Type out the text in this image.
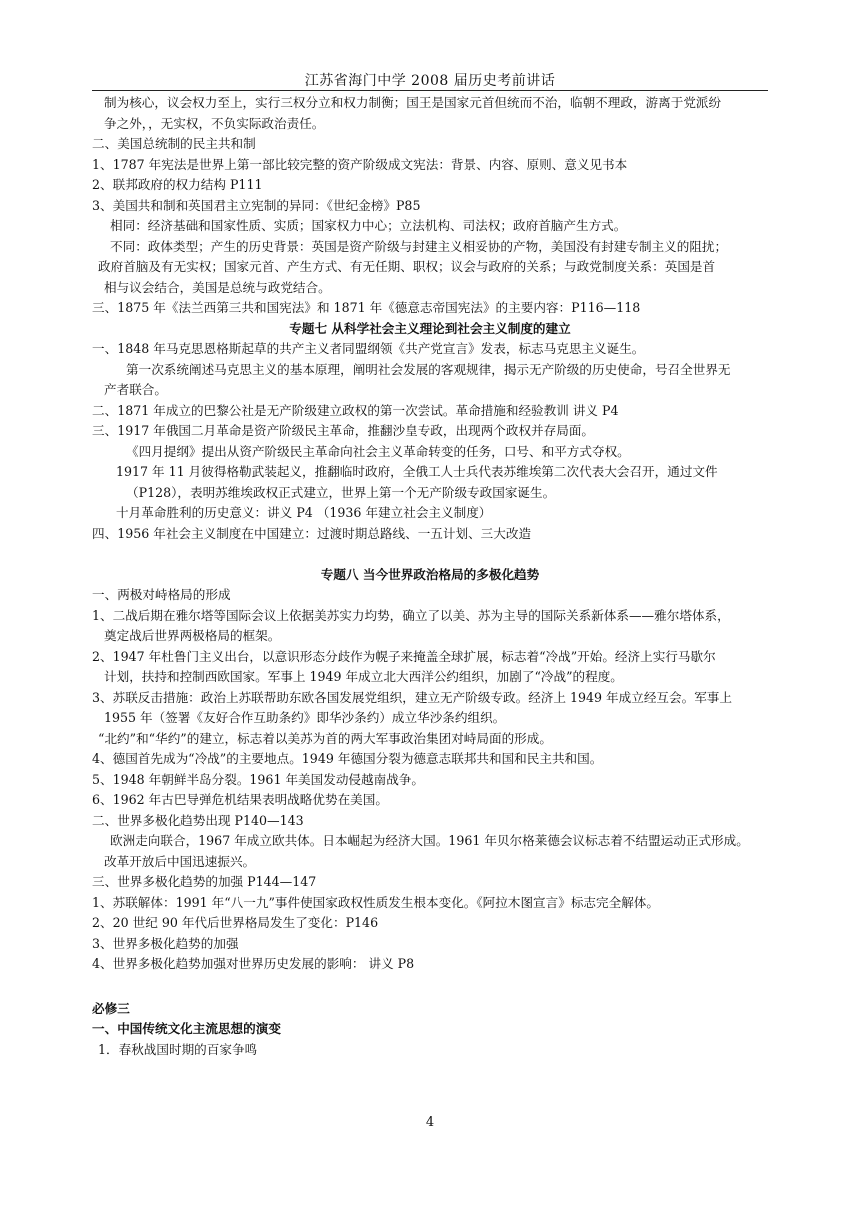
江苏省海门中学 2008 届历史考前讲话
制为核心，议会权力至上，实行三权分立和权力制衡；国王是国家元首但统而不治，临朝不理政，游离于党派纷
争之外，，无实权，不负实际政治责任。
二、美国总统制的民主共和制
1、1787 年宪法是世界上第一部比较完整的资产阶级成文宪法：背景、内容、原则、意义见书本
2、联邦政府的权力结构 P111
3、美国共和制和英国君主立宪制的异同：《世纪金榜》P85
相同：经济基础和国家性质、实质；国家权力中心；立法机构、司法权；政府首脑产生方式。
不同：政体类型；产生的历史背景：英国是资产阶级与封建主义相妥协的产物，美国没有封建专制主义的阻扰；
政府首脑及有无实权；国家元首、产生方式、有无任期、职权；议会与政府的关系；与政党制度关系：英国是首
相与议会结合，美国是总统与政党结合。
三、1875 年《法兰西第三共和国宪法》和 1871 年《德意志帝国宪法》的主要内容：P116—118
专题七 从科学社会主义理论到社会主义制度的建立
一、1848 年马克思恩格斯起草的共产主义者同盟纲领《共产党宣言》发表，标志马克思主义诞生。
第一次系统阐述马克思主义的基本原理，阐明社会发展的客观规律，揭示无产阶级的历史使命，号召全世界无
产者联合。
二、1871 年成立的巴黎公社是无产阶级建立政权的第一次尝试。革命措施和经验教训 讲义 P4
三、1917 年俄国二月革命是资产阶级民主革命，推翻沙皇专政，出现两个政权并存局面。
《四月提纲》提出从资产阶级民主革命向社会主义革命转变的任务，口号、和平方式夺权。
1917 年 11 月彼得格勒武装起义，推翻临时政府，全俄工人士兵代表苏维埃第二次代表大会召开，通过文件
（P128），表明苏维埃政权正式建立，世界上第一个无产阶级专政国家诞生。
十月革命胜利的历史意义：讲义 P4 （1936 年建立社会主义制度）
四、1956 年社会主义制度在中国建立：过渡时期总路线、一五计划、三大改造
专题八 当今世界政治格局的多极化趋势
一、两极对峙格局的形成
1、二战后期在雅尔塔等国际会议上依据美苏实力均势，确立了以美、苏为主导的国际关系新体系——雅尔塔体系，
奠定战后世界两极格局的框架。
2、1947 年杜鲁门主义出台，以意识形态分歧作为幌子来掩盖全球扩展，标志着“冷战”开始。经济上实行马歇尔
计划，扶持和控制西欧国家。军事上 1949 年成立北大西洋公约组织，加剧了“冷战”的程度。
3、苏联反击措施：政治上苏联帮助东欧各国发展党组织，建立无产阶级专政。经济上 1949 年成立经互会。军事上
1955 年（签署《友好合作互助条约》即华沙条约）成立华沙条约组织。
“北约”和“华约”的建立，标志着以美苏为首的两大军事政治集团对峙局面的形成。
4、德国首先成为“冷战”的主要地点。1949 年德国分裂为德意志联邦共和国和民主共和国。
5、1948 年朝鲜半岛分裂。1961 年美国发动侵越南战争。
6、1962 年古巴导弹危机结果表明战略优势在美国。
二、世界多极化趋势出现 P140—143
欧洲走向联合，1967 年成立欧共体。日本崛起为经济大国。1961 年贝尔格莱德会议标志着不结盟运动正式形成。
改革开放后中国迅速振兴。
三、世界多极化趋势的加强 P144—147
1、苏联解体：1991 年“八一九”事件使国家政权性质发生根本变化。《阿拉木图宣言》标志完全解体。
2、20 世纪 90 年代后世界格局发生了变化：P146
3、世界多极化趋势的加强
4、世界多极化趋势加强对世界历史发展的影响： 讲义 P8
必修三
一、中国传统文化主流思想的演变
1．春秋战国时期的百家争鸣
4
